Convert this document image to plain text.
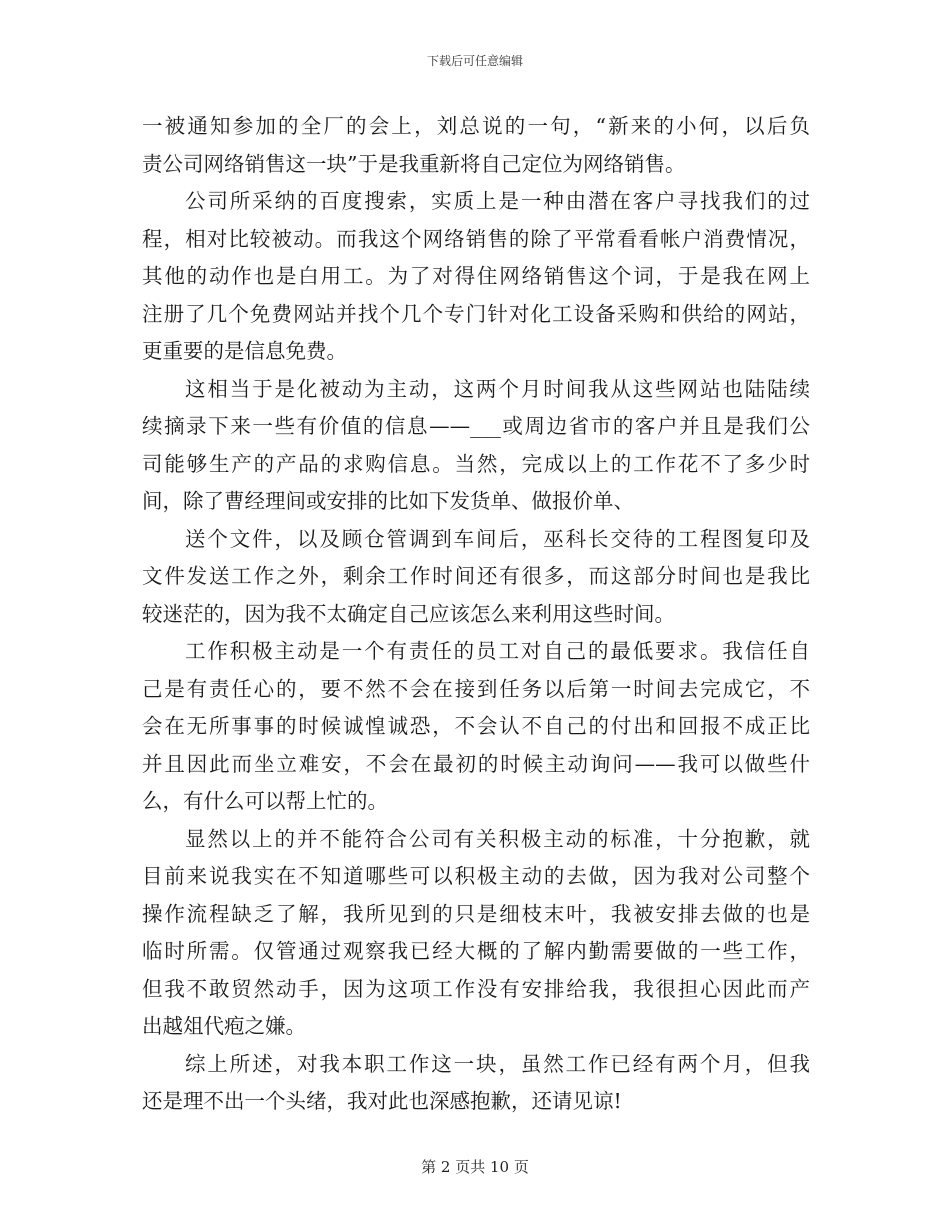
下载后可任意编辑
一被通知参加的全厂的会上，刘总说的一句，“新来的小何，以后负
责公司网络销售这一块”于是我重新将自己定位为网络销售。
公司所采纳的百度搜索，实质上是一种由潜在客户寻找我们的过
程，相对比较被动。而我这个网络销售的除了平常看看帐户消费情况，
其他的动作也是白用工。为了对得住网络销售这个词，于是我在网上
注册了几个免费网站并找个几个专门针对化工设备采购和供给的网站，
更重要的是信息免费。
这相当于是化被动为主动，这两个月时间我从这些网站也陆陆续
续摘录下来一些有价值的信息——___或周边省市的客户并且是我们公
司能够生产的产品的求购信息。当然，完成以上的工作花不了多少时
间，除了曹经理间或安排的比如下发货单、做报价单、
送个文件，以及顾仓管调到车间后，巫科长交待的工程图复印及
文件发送工作之外，剩余工作时间还有很多，而这部分时间也是我比
较迷茫的，因为我不太确定自己应该怎么来利用这些时间。
工作积极主动是一个有责任的员工对自己的最低要求。我信任自
己是有责任心的，要不然不会在接到任务以后第一时间去完成它，不
会在无所事事的时候诚惶诚恐，不会认不自己的付出和回报不成正比
并且因此而坐立难安，不会在最初的时候主动询问——我可以做些什
么，有什么可以帮上忙的。
显然以上的并不能符合公司有关积极主动的标准，十分抱歉，就
目前来说我实在不知道哪些可以积极主动的去做，因为我对公司整个
操作流程缺乏了解，我所见到的只是细枝末叶，我被安排去做的也是
临时所需。仅管通过观察我已经大概的了解内勤需要做的一些工作，
但我不敢贸然动手，因为这项工作没有安排给我，我很担心因此而产
出越俎代疱之嫌。
综上所述，对我本职工作这一块，虽然工作已经有两个月，但我
还是理不出一个头绪，我对此也深感抱歉，还请见谅!
第 2 页共 10 页
